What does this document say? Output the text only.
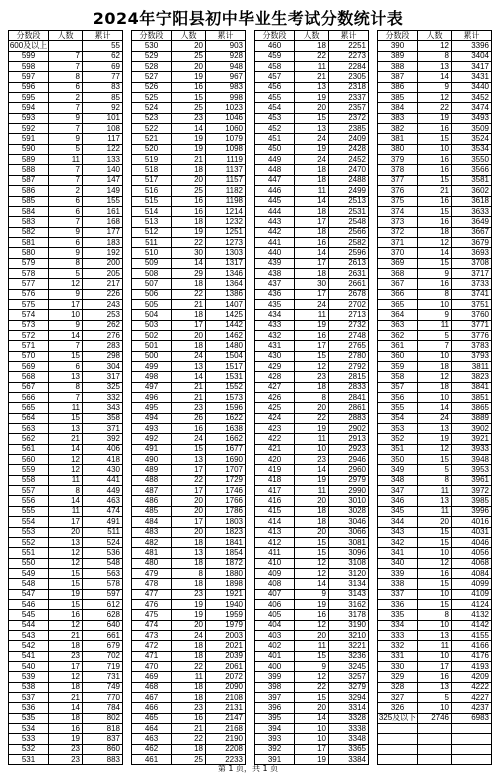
2024年宁阳县初中毕业生考试分数统计表
分数段	人数	累计
600及以上		55
599	7	62
598	7	69
597	8	77
596	6	83
595	2	85
594	7	92
593	9	101
592	7	108
591	9	117
590	5	122
589	11	133
588	7	140
587	7	147
586	2	149
585	6	155
584	6	161
583	7	168
582	9	177
581	6	183
580	9	192
579	8	200
578	5	205
577	12	217
576	9	226
575	17	243
574	10	253
573	9	262
572	14	276
571	7	283
570	15	298
569	6	304
568	13	317
567	8	325
566	7	332
565	11	343
564	15	358
563	13	371
562	21	392
561	14	406
560	12	418
559	12	430
558	11	441
557	8	449
556	14	463
555	11	474
554	17	491
553	20	511
552	13	524
551	12	536
550	12	548
549	15	563
548	15	578
547	19	597
546	15	612
545	16	628
544	12	640
543	21	661
542	18	679
541	23	702
540	17	719
539	12	731
538	18	749
537	21	770
536	14	784
535	18	802
534	16	818
533	19	837
532	23	860
531	23	883
分数段	人数	累计
530	20	903
529	25	928
528	20	948
527	19	967
526	16	983
525	15	998
524	25	1023
523	23	1046
522	14	1060
521	19	1079
520	19	1098
519	21	1119
518	18	1137
517	20	1157
516	25	1182
515	16	1198
514	16	1214
513	18	1232
512	19	1251
511	22	1273
510	30	1303
509	14	1317
508	29	1346
507	18	1364
506	22	1386
505	21	1407
504	18	1425
503	17	1442
502	20	1462
501	18	1480
500	24	1504
499	13	1517
498	14	1531
497	21	1552
496	21	1573
495	23	1596
494	26	1622
493	16	1638
492	24	1662
491	15	1677
490	13	1690
489	17	1707
488	22	1729
487	17	1746
486	20	1766
485	20	1786
484	17	1803
483	20	1823
482	18	1841
481	13	1854
480	18	1872
479	8	1880
478	18	1898
477	23	1921
476	19	1940
475	19	1959
474	20	1979
473	24	2003
472	18	2021
471	18	2039
470	22	2061
469	11	2072
468	18	2090
467	18	2108
466	23	2131
465	16	2147
464	21	2168
463	22	2190
462	18	2208
461	25	2233
分数段	人数	累计
460	18	2251
459	22	2273
458	11	2284
457	21	2305
456	13	2318
455	19	2337
454	20	2357
453	15	2372
452	13	2385
451	24	2409
450	19	2428
449	24	2452
448	18	2470
447	18	2488
446	11	2499
445	14	2513
444	18	2531
443	17	2548
442	18	2566
441	16	2582
440	14	2596
439	17	2613
438	18	2631
437	30	2661
436	17	2678
435	24	2702
434	11	2713
433	19	2732
432	16	2748
431	17	2765
430	15	2780
429	12	2792
428	23	2815
427	18	2833
426	8	2841
425	20	2861
424	22	2883
423	19	2902
422	11	2913
421	10	2923
420	23	2946
419	14	2960
418	19	2979
417	11	2990
416	20	3010
415	18	3028
414	18	3046
413	20	3066
412	15	3081
411	15	3096
410	12	3108
409	12	3120
408	14	3134
407	9	3143
406	19	3162
405	16	3178
404	12	3190
403	20	3210
402	11	3221
401	15	3236
400	9	3245
399	12	3257
398	22	3279
397	15	3294
396	20	3314
395	14	3328
394	10	3338
393	10	3348
392	17	3365
391	19	3384
分数段	人数	累计
390	12	3396
389	8	3404
388	13	3417
387	14	3431
386	9	3440
385	12	3452
384	22	3474
383	19	3493
382	16	3509
381	15	3524
380	10	3534
379	16	3550
378	16	3566
377	15	3581
376	21	3602
375	16	3618
374	15	3633
373	16	3649
372	18	3667
371	12	3679
370	14	3693
369	15	3708
368	9	3717
367	16	3733
366	8	3741
365	10	3751
364	9	3760
363	11	3771
362	5	3776
361	7	3783
360	10	3793
359	18	3811
358	12	3823
357	18	3841
356	10	3851
355	14	3865
354	24	3889
353	13	3902
352	19	3921
351	12	3933
350	15	3948
349	5	3953
348	8	3961
347	11	3972
346	13	3985
345	11	3996
344	20	4016
343	15	4031
342	15	4046
341	10	4056
340	12	4068
339	16	4084
338	15	4099
337	10	4109
336	15	4124
335	8	4132
334	10	4142
333	13	4155
332	11	4166
331	10	4176
330	17	4193
329	16	4209
328	13	4222
327	5	4227
326	10	4237
325及以下	2746	6983

第 1 页，共 1 页
